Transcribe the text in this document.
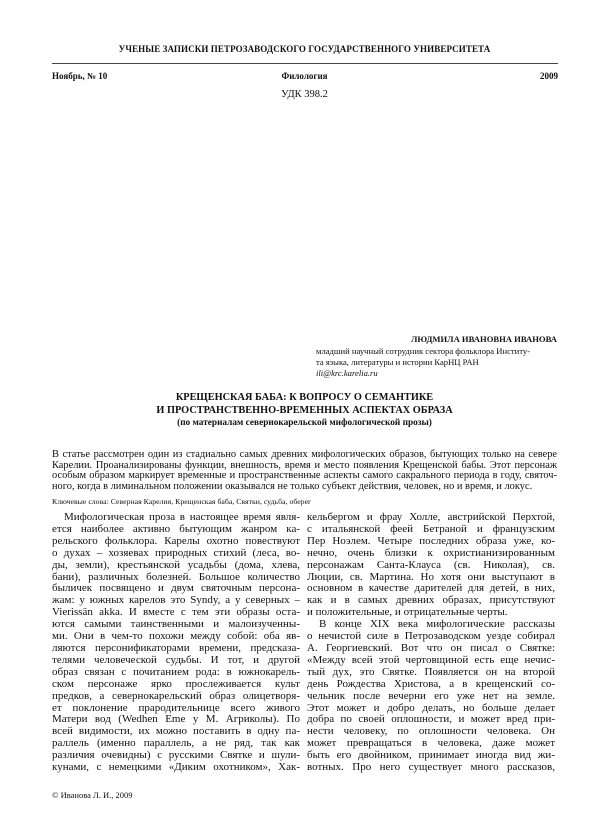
УЧЕНЫЕ ЗАПИСКИ ПЕТРОЗАВОДСКОГО ГОСУДАРСТВЕННОГО УНИВЕРСИТЕТА
Ноябрь, № 10	Филология	2009
УДК 398.2
ЛЮДМИЛА ИВАНОВНА ИВАНОВА
младший научный сотрудник сектора фольклора Институ-
та языка, литературы и истории КарНЦ РАН
ili@krc.karelia.ru
КРЕЩЕНСКАЯ БАБА: К ВОПРОСУ О СЕМАНТИКЕ
И ПРОСТРАНСТВЕННО-ВРЕМЕННЫХ АСПЕКТАХ ОБРАЗА
(по материалам севернокарельской мифологической прозы)
В статье рассмотрен один из стадиально самых древних мифологических образов, бытующих только на севере
Карелии. Проанализированы функции, внешность, время и место появления Крещенской бабы. Этот персонаж
особым образом маркирует временные и пространственные аспекты самого сакрального периода в году, святоч-
ного, когда в лиминальном положении оказывался не только субъект действия, человек, но и время, и локус.
Ключевые слова: Северная Карелия, Крещенская баба, Святки, судьба, оберег
Мифологическая проза в настоящее время явля-
ется наиболее активно бытующим жанром ка-
рельского фольклора. Карелы охотно повествуют
о духах – хозяевах природных стихий (леса, во-
ды, земли), крестьянской усадьбы (дома, хлева,
бани), различных болезней. Большое количество
быличек посвящено и двум святочным персона-
жам: у южных карелов это Syndy, а у северных –
Vierissän akka. И вместе с тем эти образы оста-
ются самыми таинственными и малоизученны-
ми. Они в чем-то похожи между собой: оба яв-
ляются персонификаторами времени, предсказа-
телями человеческой судьбы. И тот, и другой
образ связан с почитанием рода: в южнокарель-
ском персонаже ярко прослеживается культ
предков, а севернокарельский образ олицетворя-
ет поклонение прародительнице всего живого
Матери вод (Wedhen Eme у М. Агриколы). По
всей видимости, их можно поставить в одну па-
раллель (именно параллель, а не ряд, так как
различия очевидны) с русскими Святке и шули-
кунами, с немецкими «Диким охотником», Хак-
кельбергом и фрау Холле, австрийской Перхтой,
с итальянской феей Бетраной и французским
Пер Ноэлем. Четыре последних образа уже, ко-
нечно, очень близки к охристианизированным
персонажам Санта-Клауса (св. Николая), св.
Люции, св. Мартина. Но хотя они выступают в
основном в качестве дарителей для детей, в них,
как и в самых древних образах, присутствуют
и положительные, и отрицательные черты.
В конце XIX века мифологические рассказы
о нечистой силе в Петрозаводском уезде собирал
А. Георгиевский. Вот что он писал о Святке:
«Между всей этой чертовщиной есть еще нечис-
тый дух, это Святке. Появляется он на второй
день Рождества Христова, а в крещенский со-
чельник после вечерни его уже нет на земле.
Этот может и добро делать, но больше делает
добра по своей оплошности, и может вред при-
нести человеку, по оплошности человека. Он
может превращаться в человека, даже может
быть его двойником, принимает иногда вид жи-
вотных. Про него существует много рассказов,
© Иванова Л. И., 2009
